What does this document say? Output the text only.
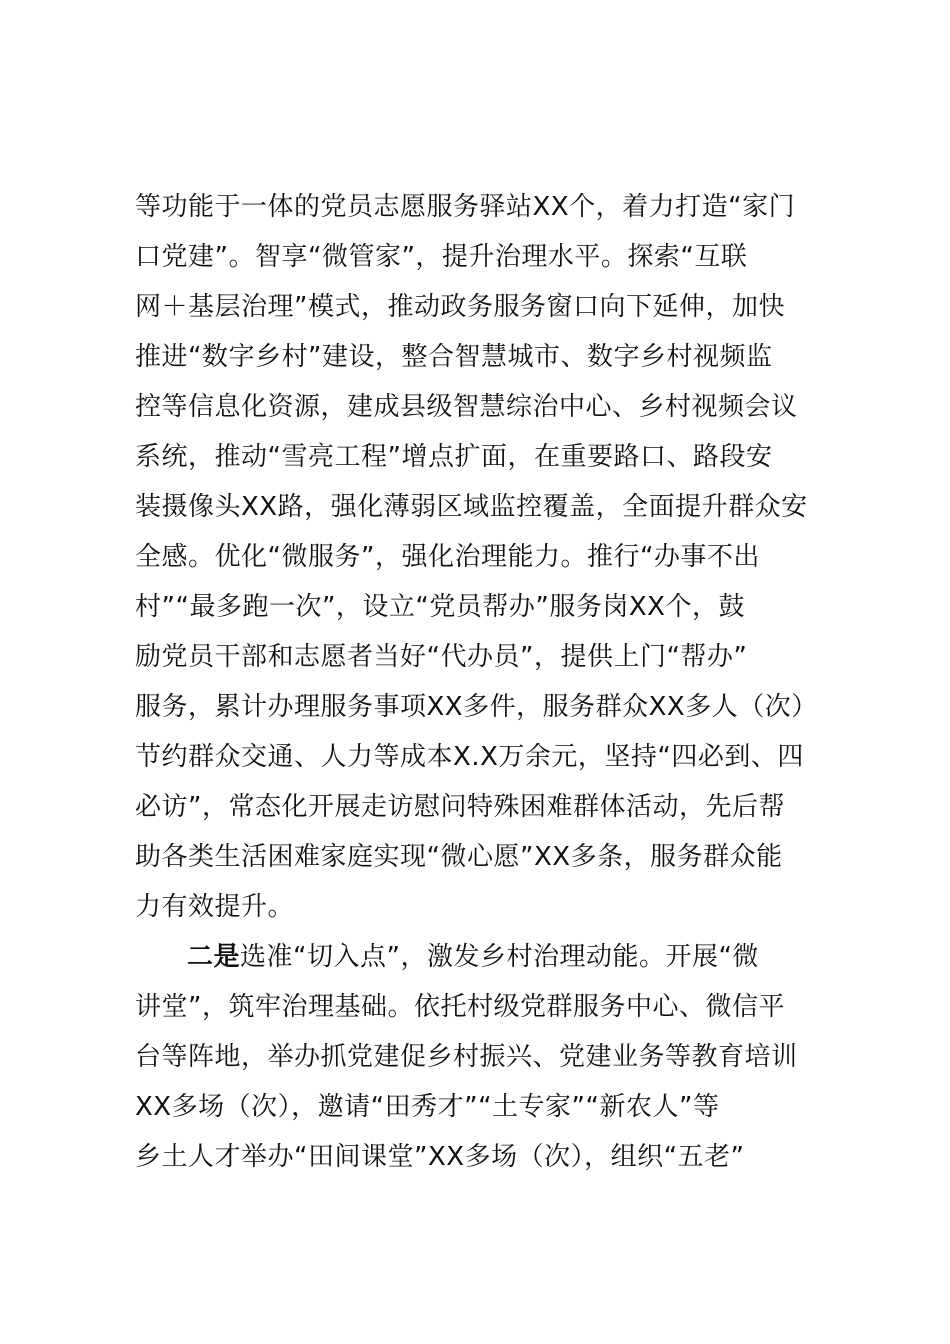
等功能于一体的党员志愿服务驿站XX个，着力打造“家门
口党建”。智享“微管家”，提升治理水平。探索“互联
网＋基层治理”模式，推动政务服务窗口向下延伸，加快
推进“数字乡村”建设，整合智慧城市、数字乡村视频监
控等信息化资源，建成县级智慧综治中心、乡村视频会议
系统，推动“雪亮工程”增点扩面，在重要路口、路段安
装摄像头XX路，强化薄弱区域监控覆盖，全面提升群众安
全感。优化“微服务”，强化治理能力。推行“办事不出
村”“最多跑一次”，设立“党员帮办”服务岗XX个，鼓
励党员干部和志愿者当好“代办员”，提供上门“帮办”
服务，累计办理服务事项XX多件，服务群众XX多人（次）
节约群众交通、人力等成本X.X万余元，坚持“四必到、四
必访”，常态化开展走访慰问特殊困难群体活动，先后帮
助各类生活困难家庭实现“微心愿”XX多条，服务群众能
力有效提升。
二是选准“切入点”，激发乡村治理动能。开展“微
讲堂”，筑牢治理基础。依托村级党群服务中心、微信平
台等阵地，举办抓党建促乡村振兴、党建业务等教育培训
XX多场（次），邀请“田秀才”“土专家”“新农人”等
乡土人才举办“田间课堂”XX多场（次），组织“五老”
